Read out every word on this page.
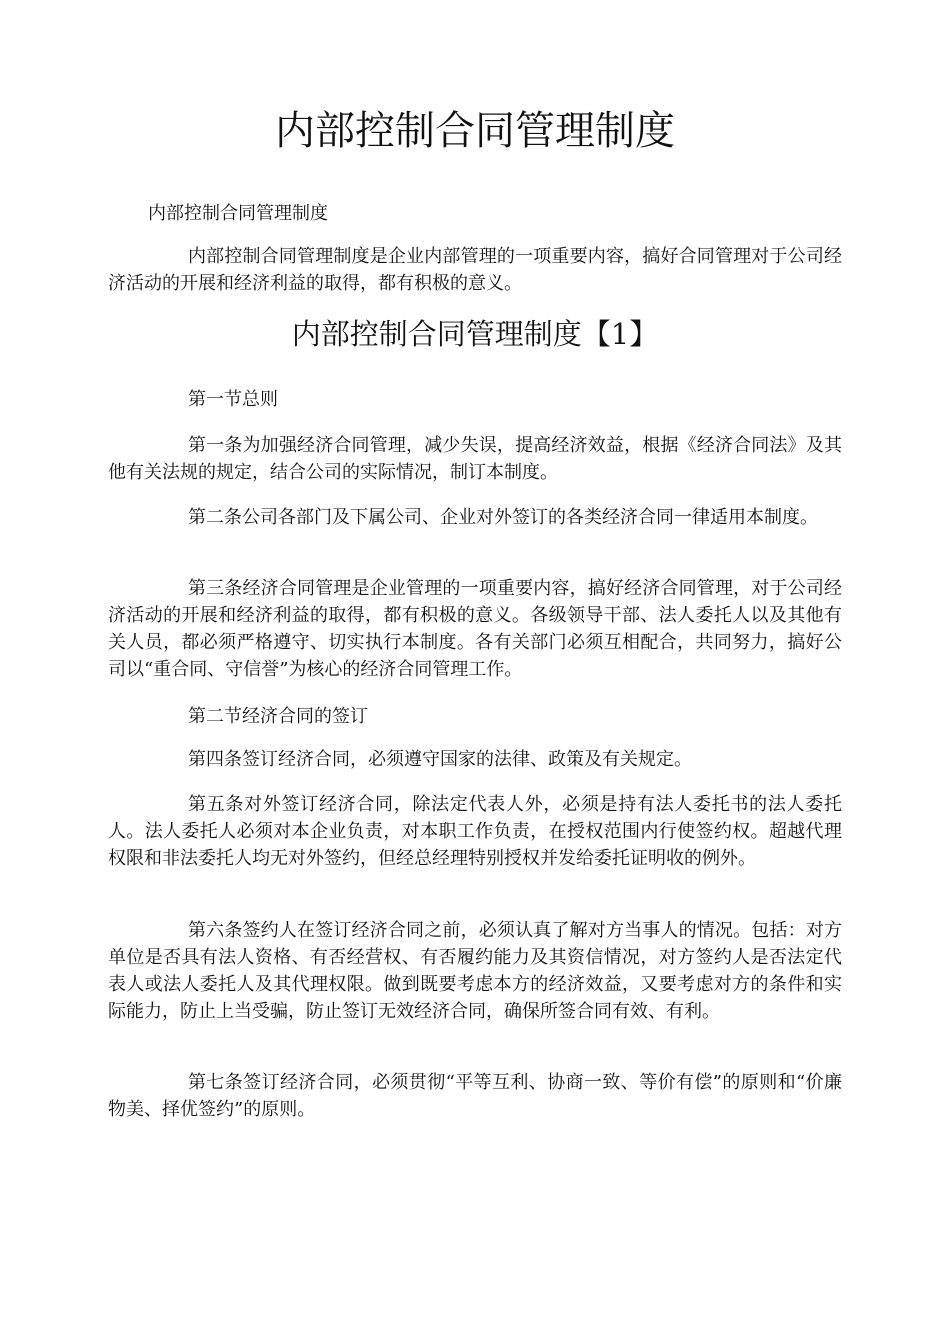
内部控制合同管理制度

内部控制合同管理制度

内部控制合同管理制度是企业内部管理的一项重要内容，搞好合同管理对于公司经济活动的开展和经济利益的取得，都有积极的意义。

内部控制合同管理制度【1】

第一节总则

第一条为加强经济合同管理，减少失误，提高经济效益，根据《经济合同法》及其他有关法规的规定，结合公司的实际情况，制订本制度。

第二条公司各部门及下属公司、企业对外签订的各类经济合同一律适用本制度。

第三条经济合同管理是企业管理的一项重要内容，搞好经济合同管理，对于公司经济活动的开展和经济利益的取得，都有积极的意义。各级领导干部、法人委托人以及其他有关人员，都必须严格遵守、切实执行本制度。各有关部门必须互相配合，共同努力，搞好公司以“重合同、守信誉”为核心的经济合同管理工作。

第二节经济合同的签订

第四条签订经济合同，必须遵守国家的法律、政策及有关规定。

第五条对外签订经济合同，除法定代表人外，必须是持有法人委托书的法人委托人。法人委托人必须对本企业负责，对本职工作负责，在授权范围内行使签约权。超越代理权限和非法委托人均无对外签约，但经总经理特别授权并发给委托证明收的例外。

第六条签约人在签订经济合同之前，必须认真了解对方当事人的情况。包括：对方单位是否具有法人资格、有否经营权、有否履约能力及其资信情况，对方签约人是否法定代表人或法人委托人及其代理权限。做到既要考虑本方的经济效益，又要考虑对方的条件和实际能力，防止上当受骗，防止签订无效经济合同，确保所签合同有效、有利。

第七条签订经济合同，必须贯彻“平等互利、协商一致、等价有偿”的原则和“价廉物美、择优签约”的原则。
